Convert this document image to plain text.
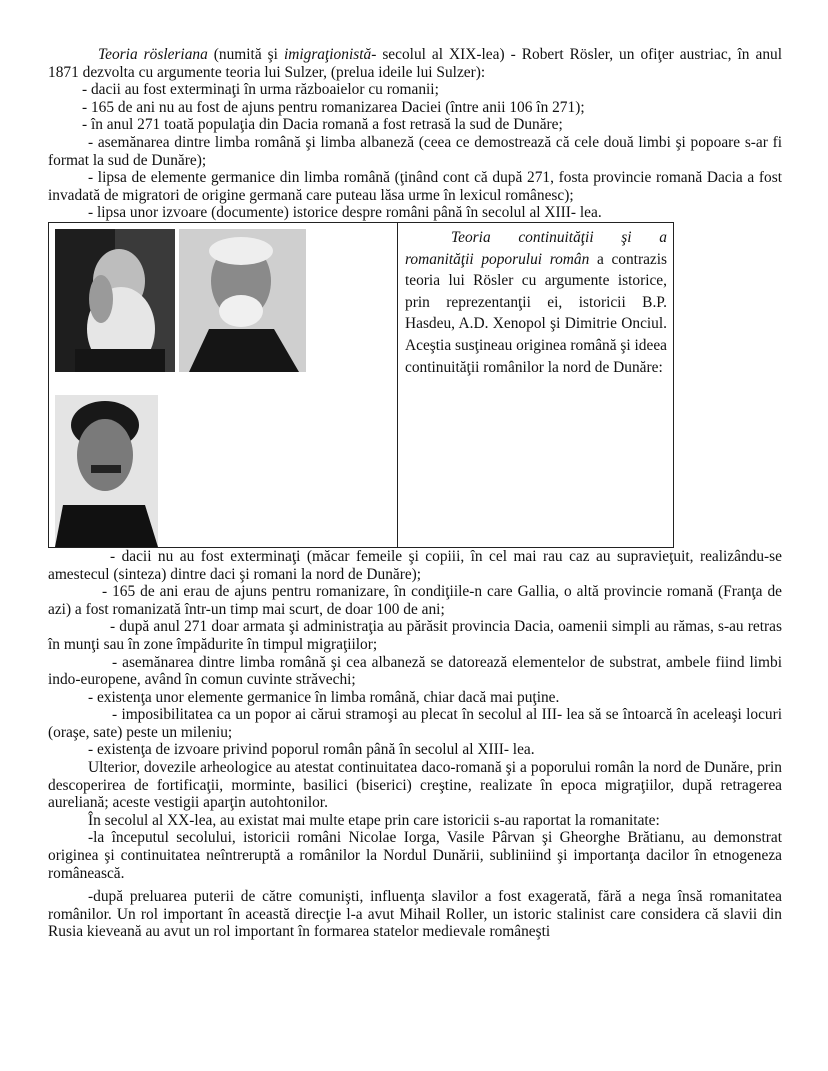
Teoria rösleriana (numită şi imigraţionistă- secolul al XIX-lea) - Robert Rösler, un ofiţer austriac, în anul 1871 dezvolta cu argumente teoria lui Sulzer, (prelua ideile lui Sulzer):

- dacii au fost exterminaţi în urma războaielor cu romanii;

- 165 de ani nu au fost de ajuns pentru romanizarea Daciei (între anii 106 în 271);

- în anul 271 toată populaţia din Dacia romană a fost retrasă la sud de Dunăre;

- asemănarea dintre limba română şi limba albaneză (ceea ce demostrează că cele două limbi şi popoare s-ar fi format la sud de Dunăre);

- lipsa de elemente germanice din limba română (ţinând cont că după 271, fosta provincie romană Dacia a fost invadată de migratori de origine germană care puteau lăsa urme în lexicul românesc);

- lipsa unor izvoare (documente) istorice despre români până în secolul al XIII- lea.

Teoria continuităţii şi a romanităţii poporului român a contrazis teoria lui Rösler cu argumente istorice, prin reprezentanţii ei, istoricii B.P. Hasdeu, A.D. Xenopol şi Dimitrie Onciul. Aceştia susţineau originea română şi ideea continuităţii românilor la nord de Dunăre:

- dacii nu au fost exterminaţi (măcar femeile şi copiii, în cel mai rau caz au supravieţuit, realizându-se amestecul (sinteza) dintre daci şi romani la nord de Dunăre);

- 165 de ani erau de ajuns pentru romanizare, în condiţiile-n care Gallia, o altă provincie romană (Franţa de azi) a fost romanizată într-un timp mai scurt, de doar 100 de ani;

- după anul 271 doar armata şi administraţia au părăsit provincia Dacia, oamenii simpli au rămas, s-au retras în munţi sau în zone împădurite în timpul migraţiilor;

- asemănarea dintre limba română şi cea albaneză se datorează elementelor de substrat, ambele fiind limbi indo-europene, având în comun cuvinte străvechi;

- existenţa unor elemente germanice în limba română, chiar dacă mai puţine.

- imposibilitatea ca un popor ai cărui stramoşi au plecat în secolul al III- lea să se întoarcă în aceleaşi locuri (oraşe, sate) peste un mileniu;

- existenţa de izvoare privind poporul român până în secolul al XIII- lea.

Ulterior, dovezile arheologice au atestat continuitatea daco-romană şi a poporului român la nord de Dunăre, prin descoperirea de fortificaţii, morminte, basilici (biserici) creştine, realizate în epoca migraţiilor, după retragerea aureliană; aceste vestigii aparţin autohtonilor.

În secolul al XX-lea, au existat mai multe etape prin care istoricii s-au raportat la romanitate:

-la începutul secolului, istoricii români Nicolae Iorga, Vasile Pârvan şi Gheorghe Brătianu, au demonstrat originea şi continuitatea neîntreruptă a românilor la Nordul Dunării, subliniind şi importanţa dacilor în etnogeneza românească.

-după preluarea puterii de către comunişti, influenţa slavilor a fost exagerată, fără a nega însă romanitatea românilor. Un rol important în această direcţie l-a avut Mihail Roller, un istoric stalinist care considera că slavii din Rusia kieveană au avut un rol important în formarea statelor medievale româneşti
